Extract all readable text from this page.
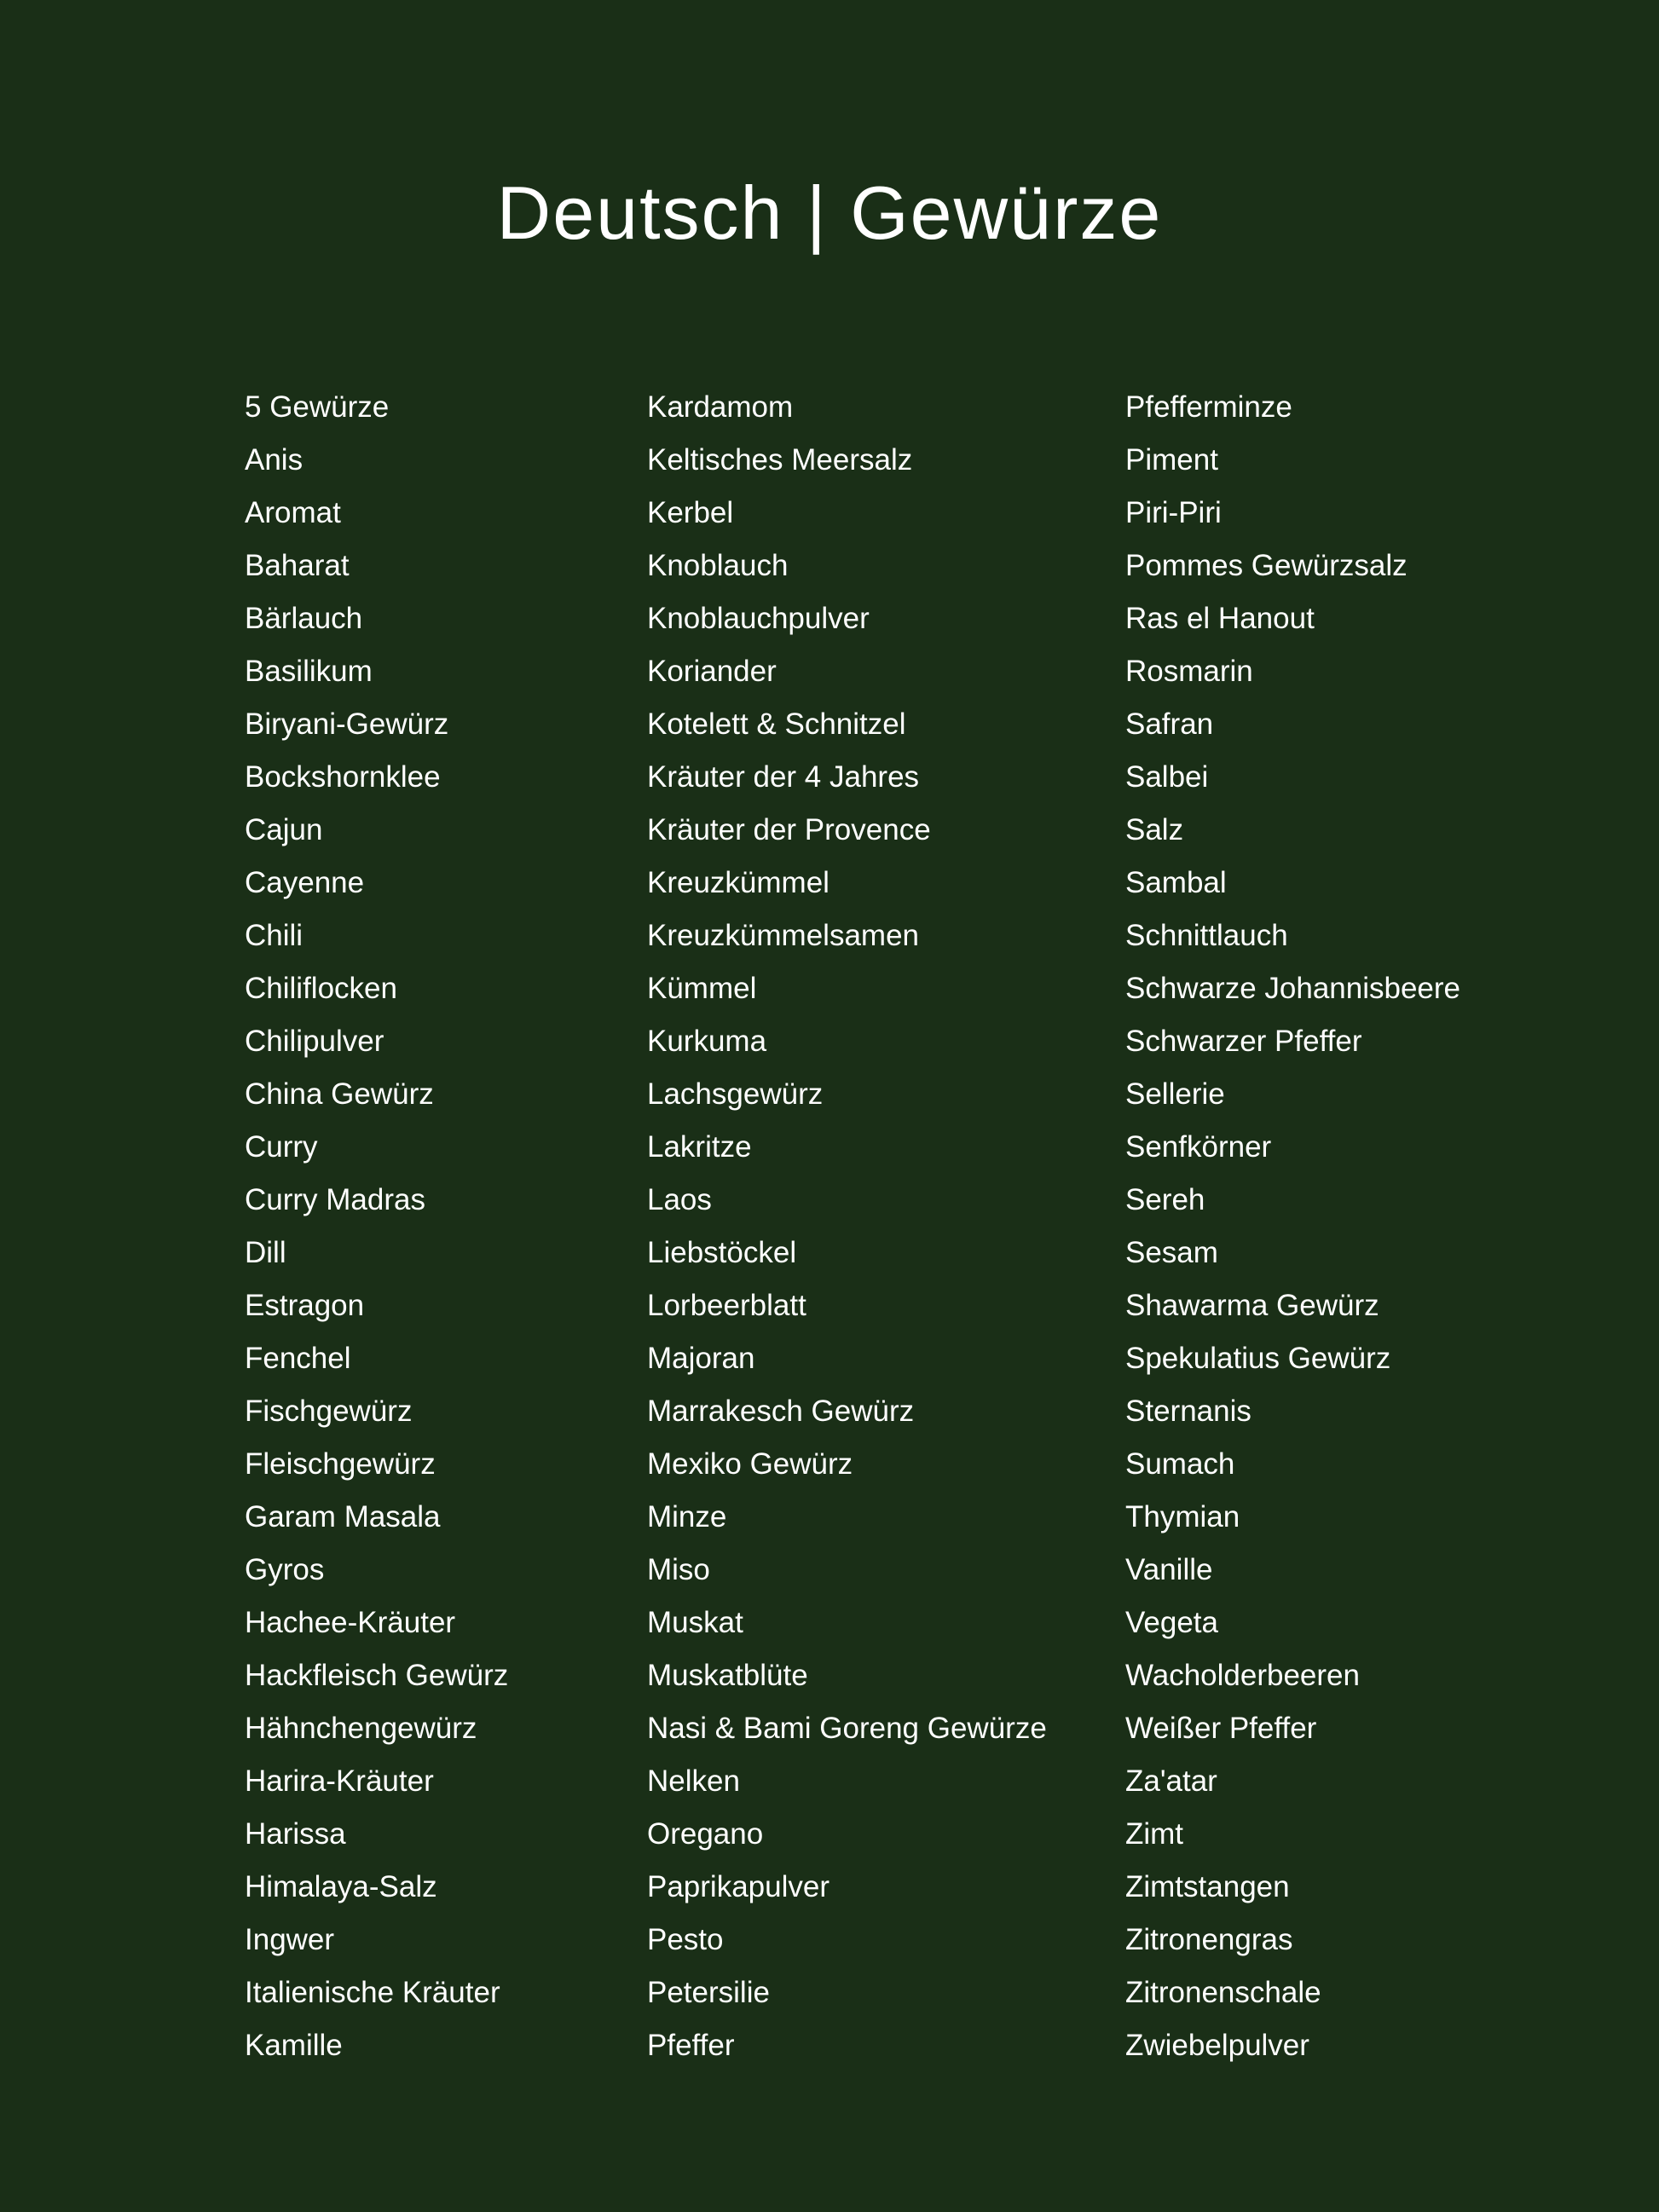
Deutsch | Gewürze
5 Gewürze
Anis
Aromat
Baharat
Bärlauch
Basilikum
Biryani-Gewürz
Bockshornklee
Cajun
Cayenne
Chili
Chiliflocken
Chilipulver
China Gewürz
Curry
Curry Madras
Dill
Estragon
Fenchel
Fischgewürz
Fleischgewürz
Garam Masala
Gyros
Hachee-Kräuter
Hackfleisch Gewürz
Hähnchengewürz
Harira-Kräuter
Harissa
Himalaya-Salz
Ingwer
Italienische Kräuter
Kamille
Kardamom
Keltisches Meersalz
Kerbel
Knoblauch
Knoblauchpulver
Koriander
Kotelett & Schnitzel
Kräuter der 4 Jahres
Kräuter der Provence
Kreuzkümmel
Kreuzkümmelsamen
Kümmel
Kurkuma
Lachsgewürz
Lakritze
Laos
Liebstöckel
Lorbeerblatt
Majoran
Marrakesch Gewürz
Mexiko Gewürz
Minze
Miso
Muskat
Muskatblüte
Nasi & Bami Goreng Gewürze
Nelken
Oregano
Paprikapulver
Pesto
Petersilie
Pfeffer
Pfefferminze
Piment
Piri-Piri
Pommes Gewürzsalz
Ras el Hanout
Rosmarin
Safran
Salbei
Salz
Sambal
Schnittlauch
Schwarze Johannisbeere
Schwarzer Pfeffer
Sellerie
Senfkörner
Sereh
Sesam
Shawarma Gewürz
Spekulatius Gewürz
Sternanis
Sumach
Thymian
Vanille
Vegeta
Wacholderbeeren
Weißer Pfeffer
Za'atar
Zimt
Zimtstangen
Zitronengras
Zitronenschale
Zwiebelpulver
